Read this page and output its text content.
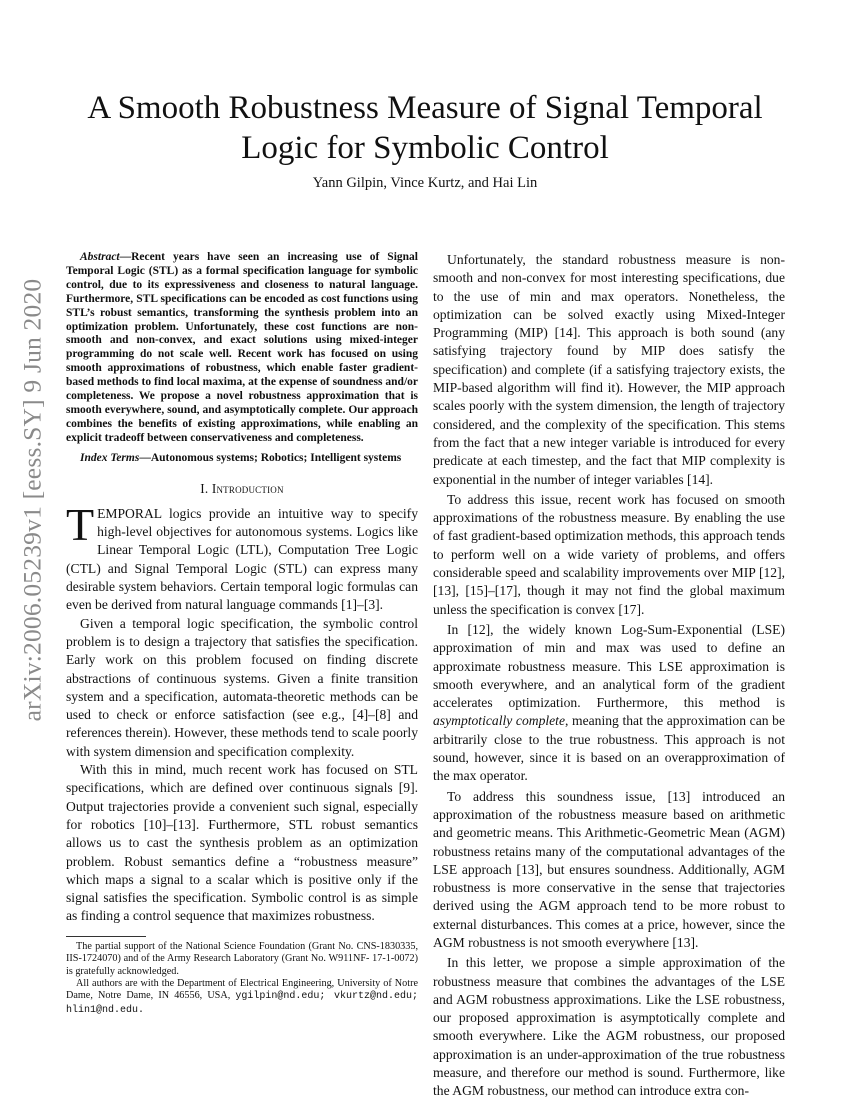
arXiv:2006.05239v1 [eess.SY] 9 Jun 2020
A Smooth Robustness Measure of Signal Temporal Logic for Symbolic Control
Yann Gilpin, Vince Kurtz, and Hai Lin

Abstract—Recent years have seen an increasing use of Signal Temporal Logic (STL) as a formal specification language for symbolic control, due to its expressiveness and closeness to natural language. Furthermore, STL specifications can be encoded as cost functions using STL’s robust semantics, transforming the synthesis problem into an optimization problem. Unfortunately, these cost functions are non-smooth and non-convex, and exact solutions using mixed-integer programming do not scale well. Recent work has focused on using smooth approximations of robustness, which enable faster gradient-based methods to find local maxima, at the expense of soundness and/or completeness. We propose a novel robustness approximation that is smooth everywhere, sound, and asymptotically complete. Our approach combines the benefits of existing approximations, while enabling an explicit tradeoff between conservativeness and completeness.

Index Terms—Autonomous systems; Robotics; Intelligent systems

I. Introduction

TEMPORAL logics provide an intuitive way to specify high-level objectives for autonomous systems. Logics like Linear Temporal Logic (LTL), Computation Tree Logic (CTL) and Signal Temporal Logic (STL) can express many desirable system behaviors. Certain temporal logic formulas can even be derived from natural language commands [1]–[3].

Given a temporal logic specification, the symbolic control problem is to design a trajectory that satisfies the specification. Early work on this problem focused on finding discrete abstractions of continuous systems. Given a finite transition system and a specification, automata-theoretic methods can be used to check or enforce satisfaction (see e.g., [4]–[8] and references therein). However, these methods tend to scale poorly with system dimension and specification complexity.

With this in mind, much recent work has focused on STL specifications, which are defined over continuous signals [9]. Output trajectories provide a convenient such signal, especially for robotics [10]–[13]. Furthermore, STL robust semantics allows us to cast the synthesis problem as an optimization problem. Robust semantics define a “robustness measure” which maps a signal to a scalar which is positive only if the signal satisfies the specification. Symbolic control is as simple as finding a control sequence that maximizes robustness.

The partial support of the National Science Foundation (Grant No. CNS-1830335, IIS-1724070) and of the Army Research Laboratory (Grant No. W911NF- 17-1-0072) is gratefully acknowledged.

All authors are with the Department of Electrical Engineering, University of Notre Dame, Notre Dame, IN 46556, USA, ygilpin@nd.edu; vkurtz@nd.edu; hlin1@nd.edu.

Unfortunately, the standard robustness measure is non-smooth and non-convex for most interesting specifications, due to the use of min and max operators. Nonetheless, the optimization can be solved exactly using Mixed-Integer Programming (MIP) [14]. This approach is both sound (any satisfying trajectory found by MIP does satisfy the specification) and complete (if a satisfying trajectory exists, the MIP-based algorithm will find it). However, the MIP approach scales poorly with the system dimension, the length of trajectory considered, and the complexity of the specification. This stems from the fact that a new integer variable is introduced for every predicate at each timestep, and the fact that MIP complexity is exponential in the number of integer variables [14].

To address this issue, recent work has focused on smooth approximations of the robustness measure. By enabling the use of fast gradient-based optimization methods, this approach tends to perform well on a wide variety of problems, and offers considerable speed and scalability improvements over MIP [12], [13], [15]–[17], though it may not find the global maximum unless the specification is convex [17].

In [12], the widely known Log-Sum-Exponential (LSE) approximation of min and max was used to define an approximate robustness measure. This LSE approximation is smooth everywhere, and an analytical form of the gradient accelerates optimization. Furthermore, this method is asymptotically complete, meaning that the approximation can be arbitrarily close to the true robustness. This approach is not sound, however, since it is based on an overapproximation of the max operator.

To address this soundness issue, [13] introduced an approximation of the robustness measure based on arithmetic and geometric means. This Arithmetic-Geometric Mean (AGM) robustness retains many of the computational advantages of the LSE approach [13], but ensures soundness. Additionally, AGM robustness is more conservative in the sense that trajectories derived using the AGM approach tend to be more robust to external disturbances. This comes at a price, however, since the AGM robustness is not smooth everywhere [13].

In this letter, we propose a simple approximation of the robustness measure that combines the advantages of the LSE and AGM robustness approximations. Like the LSE robustness, our proposed approximation is asymptotically complete and smooth everywhere. Like the AGM robustness, our proposed approximation is an under-approximation of the true robustness measure, and therefore our method is sound. Furthermore, like the AGM robustness, our method can introduce extra con-
